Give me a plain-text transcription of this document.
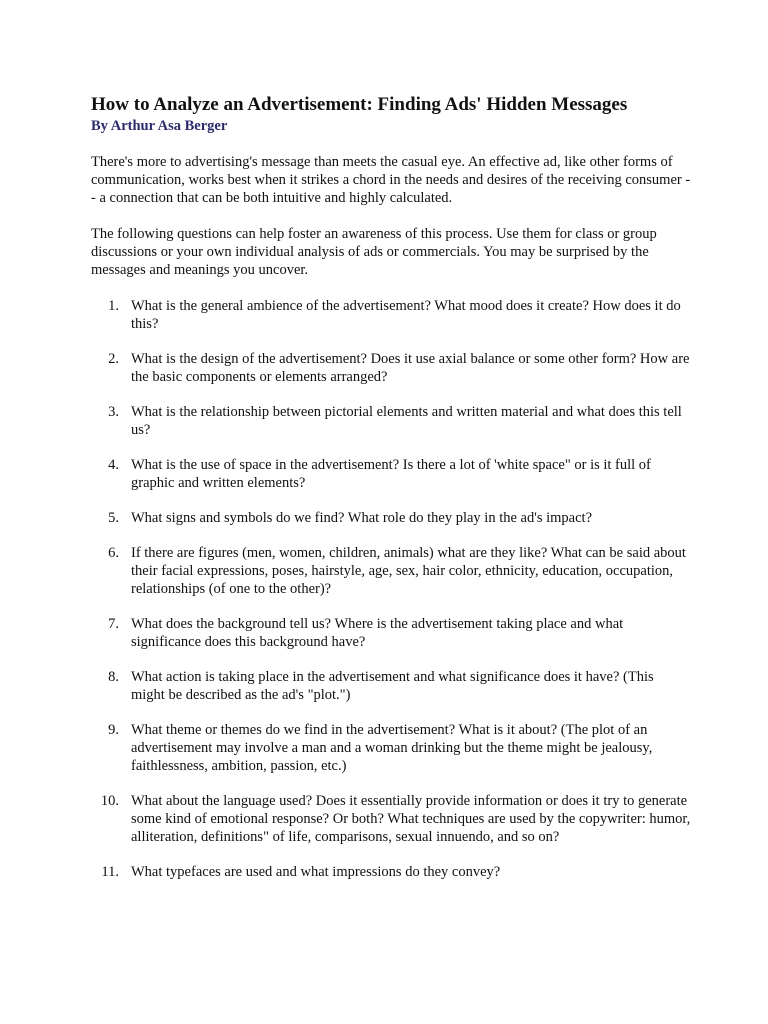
How to Analyze an Advertisement: Finding Ads' Hidden Messages
By Arthur Asa Berger

There's more to advertising's message than meets the casual eye. An effective ad, like other forms of communication, works best when it strikes a chord in the needs and desires of the receiving consumer -- a connection that can be both intuitive and highly calculated.

The following questions can help foster an awareness of this process. Use them for class or group discussions or your own individual analysis of ads or commercials. You may be surprised by the messages and meanings you uncover.

1. What is the general ambience of the advertisement? What mood does it create? How does it do this?
2. What is the design of the advertisement? Does it use axial balance or some other form? How are the basic components or elements arranged?
3. What is the relationship between pictorial elements and written material and what does this tell us?
4. What is the use of space in the advertisement? Is there a lot of 'white space" or is it full of graphic and written elements?
5. What signs and symbols do we find? What role do they play in the ad's impact?
6. If there are figures (men, women, children, animals) what are they like? What can be said about their facial expressions, poses, hairstyle, age, sex, hair color, ethnicity, education, occupation, relationships (of one to the other)?
7. What does the background tell us? Where is the advertisement taking place and what significance does this background have?
8. What action is taking place in the advertisement and what significance does it have? (This might be described as the ad's "plot.")
9. What theme or themes do we find in the advertisement? What is it about? (The plot of an advertisement may involve a man and a woman drinking but the theme might be jealousy, faithlessness, ambition, passion, etc.)
10. What about the language used? Does it essentially provide information or does it try to generate some kind of emotional response? Or both? What techniques are used by the copywriter: humor, alliteration, definitions" of life, comparisons, sexual innuendo, and so on?
11. What typefaces are used and what impressions do they convey?
